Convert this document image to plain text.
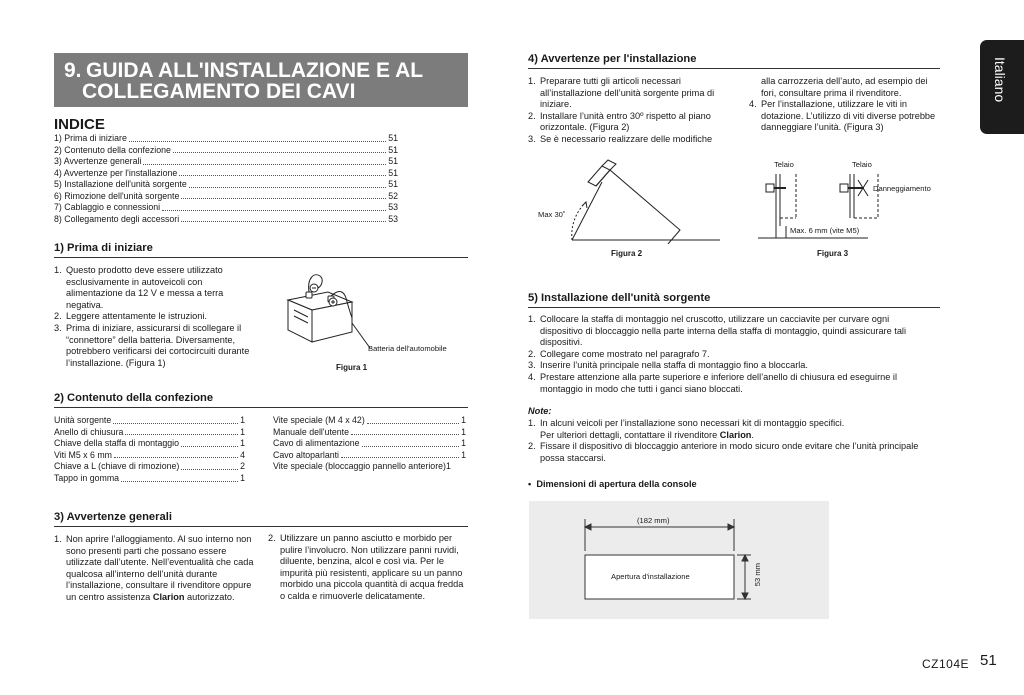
Italiano
9. GUIDA ALL'INSTALLAZIONE E AL
COLLEGAMENTO DEI CAVI
INDICE
1) Prima di iniziare	51
2) Contenuto della confezione	51
3) Avvertenze generali	51
4) Avvertenze per l'installazione	51
5) Installazione dell'unità sorgente	51
6) Rimozione dell'unità sorgente	52
7) Cablaggio e connessioni	53
8) Collegamento degli accessori	53
1) Prima di iniziare
1. Questo prodotto deve essere utilizzato esclusivamente in autoveicoli con alimentazione da 12 V e messa a terra negativa.
2. Leggere attentamente le istruzioni.
3. Prima di iniziare, assicurarsi di scollegare il “connettore” della batteria. Diversamente, potrebbero verificarsi dei cortocircuiti durante l’installazione. (Figura 1)
Batteria dell'automobile
Figura 1
2) Contenuto della confezione
Unità sorgente	1
Anello di chiusura	1
Chiave della staffa di montaggio	1
Viti M5 x 6 mm	4
Chiave a L (chiave di rimozione)	2
Tappo in gomma	1
Vite speciale (M 4 x 42)	1
Manuale dell'utente	1
Cavo di alimentazione	1
Cavo altoparlanti	1
Vite speciale (bloccaggio pannello anteriore) 1
3) Avvertenze generali
1. Non aprire l’alloggiamento. Al suo interno non sono presenti parti che possano essere utilizzate dall’utente. Nell’eventualità che cada qualcosa all’interno dell’unità durante l’installazione, consultare il rivenditore oppure un centro assistenza Clarion autorizzato.
2. Utilizzare un panno asciutto e morbido per pulire l’involucro. Non utilizzare panni ruvidi, diluente, benzina, alcol e così via. Per le impurità più resistenti, applicare su un panno morbido una piccola quantità di acqua fredda o calda e rimuoverle delicatamente.
4) Avvertenze per l'installazione
1. Preparare tutti gli articoli necessari all’installazione dell’unità sorgente prima di iniziare.
2. Installare l’unità entro 30º rispetto al piano orizzontale. (Figura 2)
3. Se è necessario realizzare delle modifiche
alla carrozzeria dell’auto, ad esempio dei fori, consultare prima il rivenditore.
4. Per l’installazione, utilizzare le viti in dotazione. L’utilizzo di viti diverse potrebbe danneggiare l’unità. (Figura 3)
Max 30˚
Figura 2
Telaio	Telaio
Danneggiamento
Max. 6 mm (vite M5)
Figura 3
5) Installazione dell'unità sorgente
1. Collocare la staffa di montaggio nel cruscotto, utilizzare un cacciavite per curvare ogni dispositivo di bloccaggio nella parte interna della staffa di montaggio, quindi assicurare tali dispositivi.
2. Collegare come mostrato nel paragrafo 7.
3. Inserire l’unità principale nella staffa di montaggio fino a bloccarla.
4. Prestare attenzione alla parte superiore e inferiore dell’anello di chiusura ed eseguirne il montaggio in modo che tutti i ganci siano bloccati.
Note:
1. In alcuni veicoli per l’installazione sono necessari kit di montaggio specifici.
Per ulteriori dettagli, contattare il rivenditore Clarion.
2. Fissare il dispositivo di bloccaggio anteriore in modo sicuro onde evitare che l’unità principale possa staccarsi.
• Dimensioni di apertura della console
(182 mm)
Apertura d'installazione	53 mm
CZ104E 51
